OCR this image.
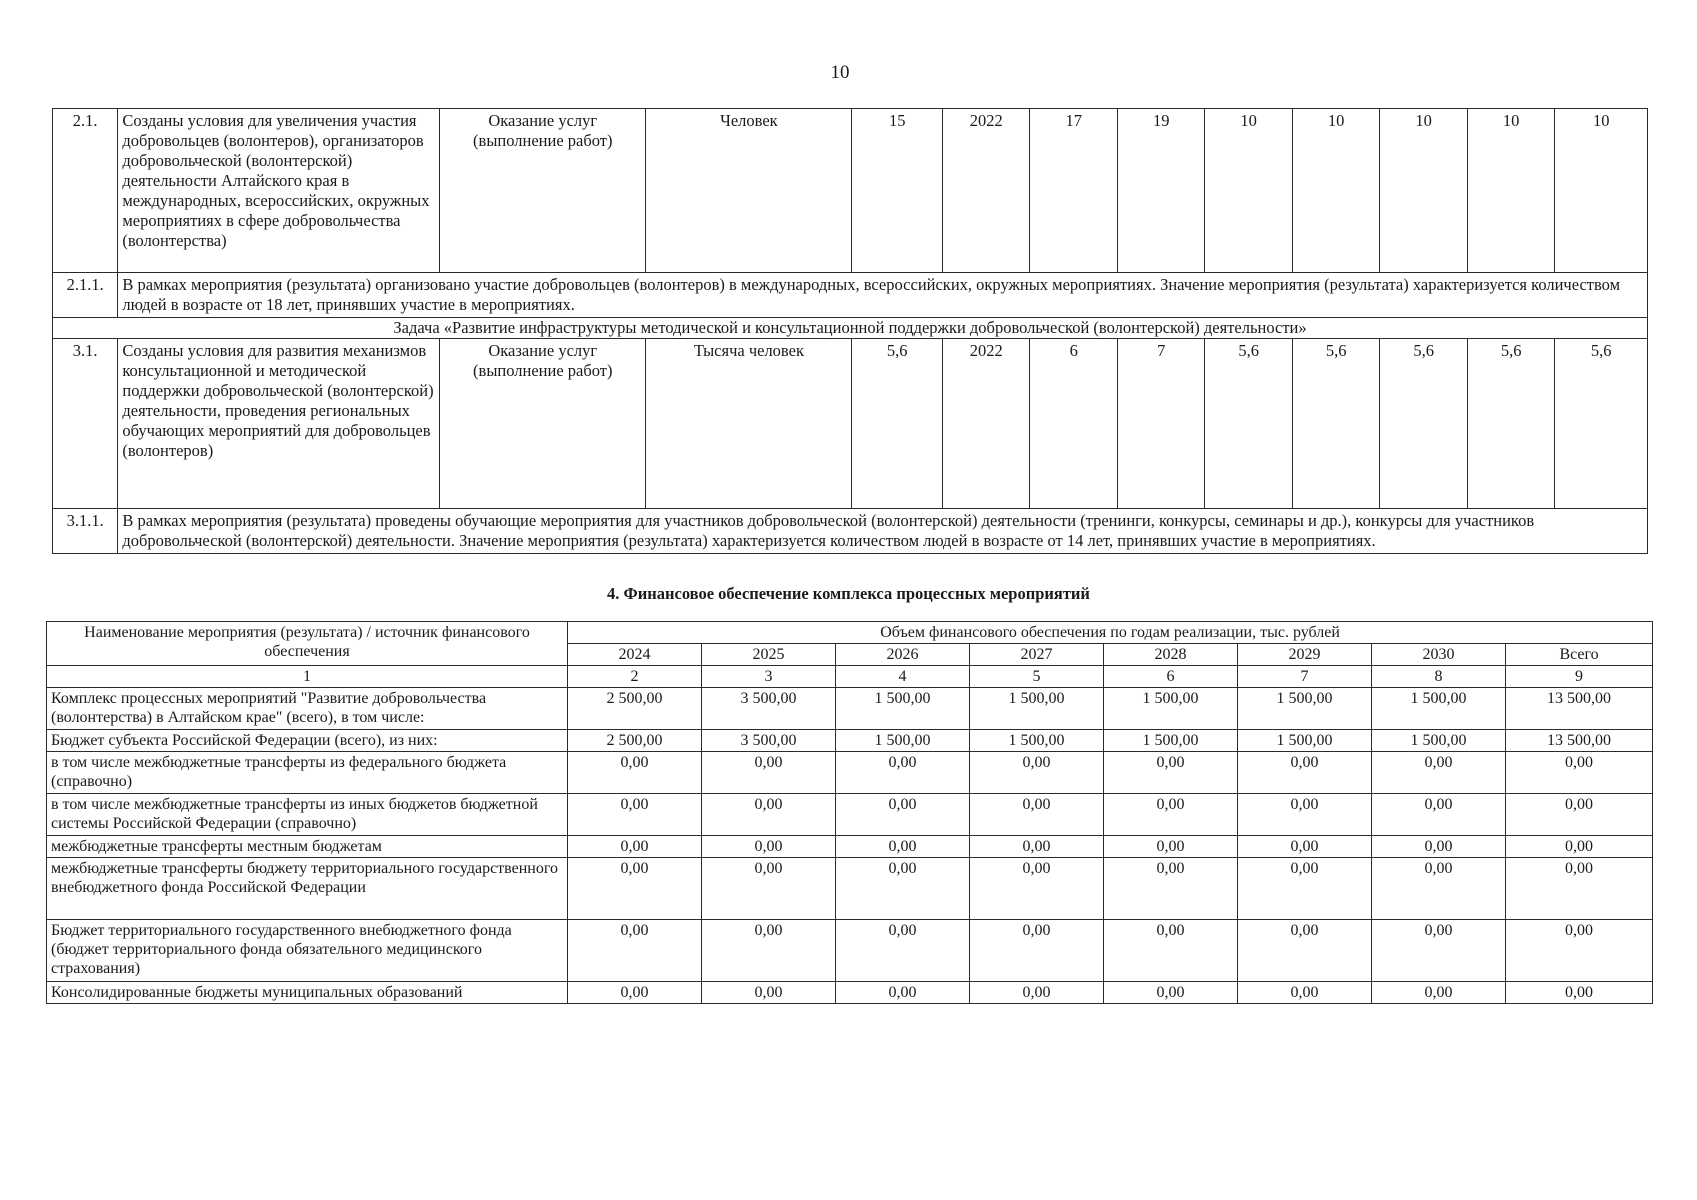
10
2.1.	Созданы условия для увеличения участия добровольцев (волонтеров), организаторов добровольческой (волонтерской) деятельности Алтайского края в международных, всероссийских, окружных мероприятиях в сфере добровольчества (волонтерства)	Оказание услуг (выполнение работ)	Человек	15	2022	17	19	10	10	10	10	10
2.1.1.	В рамках мероприятия (результата) организовано участие добровольцев (волонтеров) в международных, всероссийских, окружных мероприятиях. Значение мероприятия (результата) характеризуется количеством людей в возрасте от 18 лет, принявших участие в мероприятиях.											
Задача «Развитие инфраструктуры методической и консультационной поддержки добровольческой (волонтерской) деятельности»												
3.1.	Созданы условия для развития механизмов консультационной и методической поддержки добровольческой (волонтерской) деятельности, проведения региональных обучающих мероприятий для добровольцев (волонтеров)	Оказание услуг (выполнение работ)	Тысяча человек	5,6	2022	6	7	5,6	5,6	5,6	5,6	5,6
3.1.1.	В рамках мероприятия (результата) проведены обучающие мероприятия для участников добровольческой (волонтерской) деятельности (тренинги, конкурсы, семинары и др.), конкурсы для участников добровольческой (волонтерской) деятельности. Значение мероприятия (результата) характеризуется количеством людей в возрасте от 14 лет, принявших участие в мероприятиях.											
4. Финансовое обеспечение комплекса процессных мероприятий
Наименование мероприятия (результата) / источник финансового обеспечения	Объем финансового обеспечения по годам реализации, тыс. рублей							
	2024	2025	2026	2027	2028	2029	2030	Всего
1	2	3	4	5	6	7	8	9
Комплекс процессных мероприятий "Развитие добровольчества (волонтерства) в Алтайском крае" (всего), в том числе:	2 500,00	3 500,00	1 500,00	1 500,00	1 500,00	1 500,00	1 500,00	13 500,00
Бюджет субъекта Российской Федерации (всего), из них:	2 500,00	3 500,00	1 500,00	1 500,00	1 500,00	1 500,00	1 500,00	13 500,00
в том числе межбюджетные трансферты из федерального бюджета (справочно)	0,00	0,00	0,00	0,00	0,00	0,00	0,00	0,00
в том числе межбюджетные трансферты из иных бюджетов бюджетной системы Российской Федерации (справочно)	0,00	0,00	0,00	0,00	0,00	0,00	0,00	0,00
межбюджетные трансферты местным бюджетам	0,00	0,00	0,00	0,00	0,00	0,00	0,00	0,00
межбюджетные трансферты бюджету территориального государственного внебюджетного фонда Российской Федерации	0,00	0,00	0,00	0,00	0,00	0,00	0,00	0,00
Бюджет территориального государственного внебюджетного фонда (бюджет территориального фонда обязательного медицинского страхования)	0,00	0,00	0,00	0,00	0,00	0,00	0,00	0,00
Консолидированные бюджеты муниципальных образований	0,00	0,00	0,00	0,00	0,00	0,00	0,00	0,00
